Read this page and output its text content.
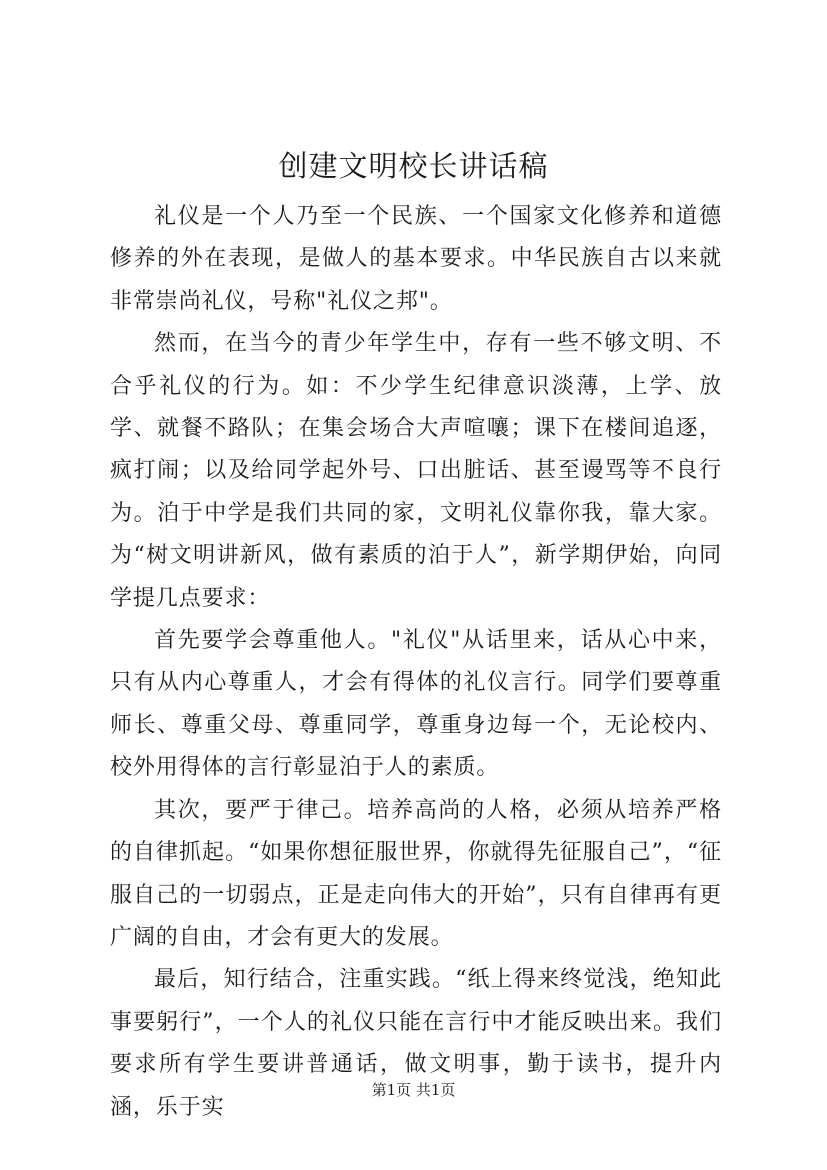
创建文明校长讲话稿

礼仪是一个人乃至一个民族、一个国家文化修养和道德修养的外在表现，是做人的基本要求。中华民族自古以来就非常崇尚礼仪，号称"礼仪之邦"。

然而，在当今的青少年学生中，存有一些不够文明、不合乎礼仪的行为。如：不少学生纪律意识淡薄，上学、放学、就餐不路队；在集会场合大声喧嚷；课下在楼间追逐，疯打闹；以及给同学起外号、口出脏话、甚至谩骂等不良行为。泊于中学是我们共同的家，文明礼仪靠你我，靠大家。为“树文明讲新风，做有素质的泊于人”，新学期伊始，向同学提几点要求：

首先要学会尊重他人。"礼仪"从话里来，话从心中来，只有从内心尊重人，才会有得体的礼仪言行。同学们要尊重师长、尊重父母、尊重同学，尊重身边每一个，无论校内、校外用得体的言行彰显泊于人的素质。

其次，要严于律己。培养高尚的人格，必须从培养严格的自律抓起。“如果你想征服世界，你就得先征服自己”，“征服自己的一切弱点，正是走向伟大的开始”，只有自律再有更广阔的自由，才会有更大的发展。

最后，知行结合，注重实践。“纸上得来终觉浅，绝知此事要躬行”，一个人的礼仪只能在言行中才能反映出来。我们要求所有学生要讲普通话，做文明事，勤于读书，提升内涵，乐于实

第1页 共1页
